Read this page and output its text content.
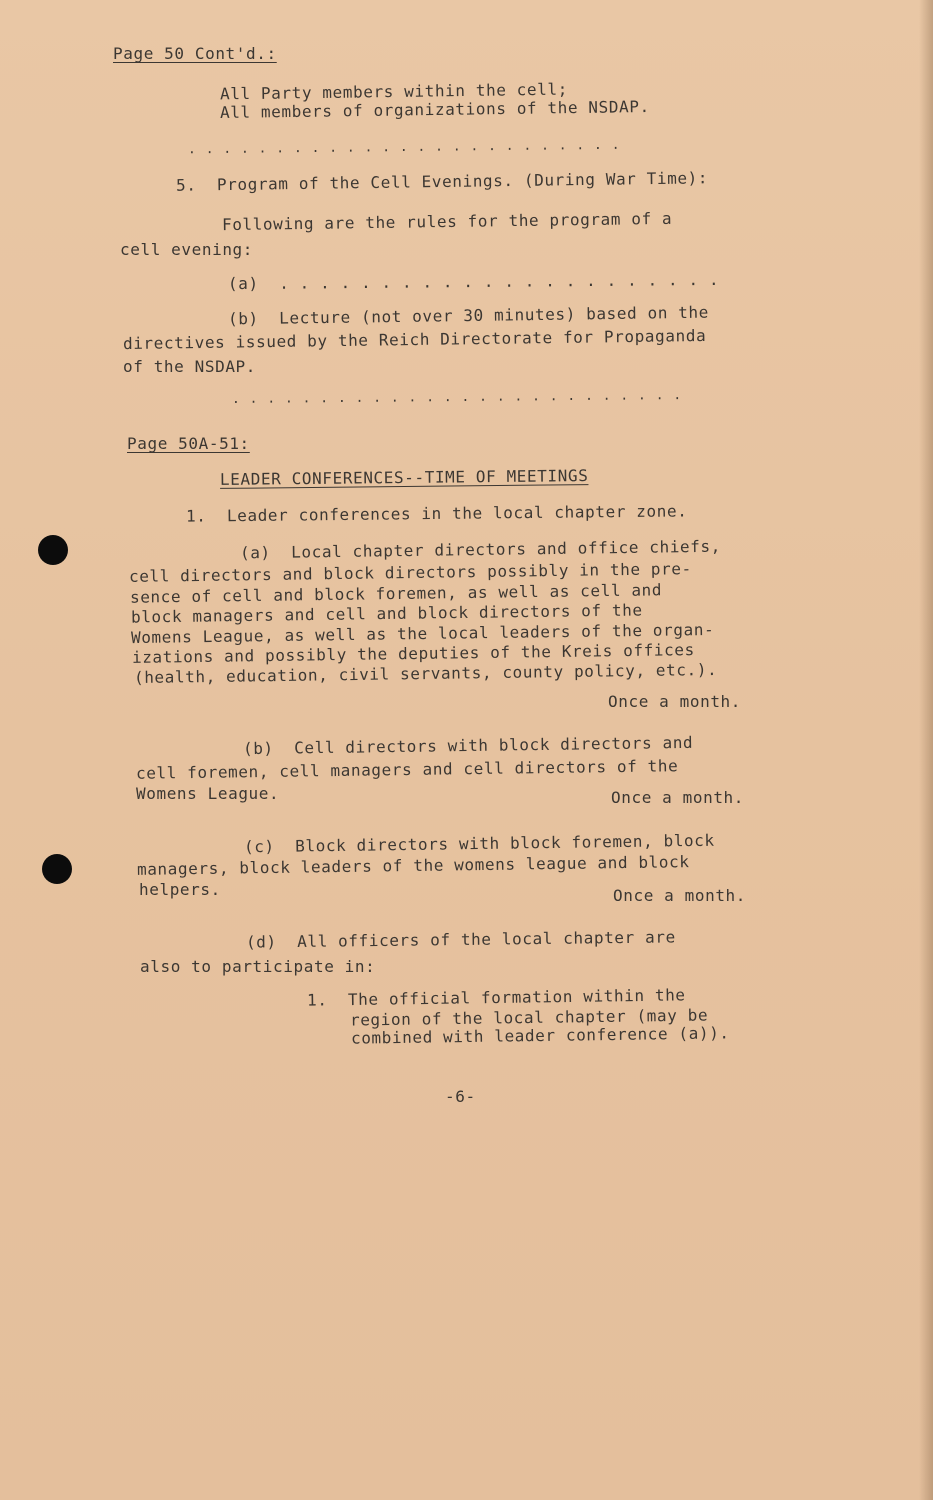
Page 50 Cont'd.:
All Party members within the cell;
All members of organizations of the NSDAP.
. . . . . . . . . . . . . . . . . . . . . . . . .
5.  Program of the Cell Evenings. (During War Time):
Following are the rules for the program of a
cell evening:
(a)  . . . . . . . . . . . . . . . . . . . . . .
(b)  Lecture (not over 30 minutes) based on the
directives issued by the Reich Directorate for Propaganda
of the NSDAP.
. . . . . . . . . . . . . . . . . . . . . . . . . .
Page 50A-51:
LEADER CONFERENCES--TIME OF MEETINGS
1.  Leader conferences in the local chapter zone.
(a)  Local chapter directors and office chiefs,
cell directors and block directors possibly in the pre-
sence of cell and block foremen, as well as cell and
block managers and cell and block directors of the
Womens League, as well as the local leaders of the organ-
izations and possibly the deputies of the Kreis offices
(health, education, civil servants, county policy, etc.).
Once a month.
(b)  Cell directors with block directors and
cell foremen, cell managers and cell directors of the
Womens League.	Once a month.
(c)  Block directors with block foremen, block
managers, block leaders of the womens league and block
helpers.	Once a month.
(d)  All officers of the local chapter are
also to participate in:
1.  The official formation within the
region of the local chapter (may be
combined with leader conference (a)).
-6-
